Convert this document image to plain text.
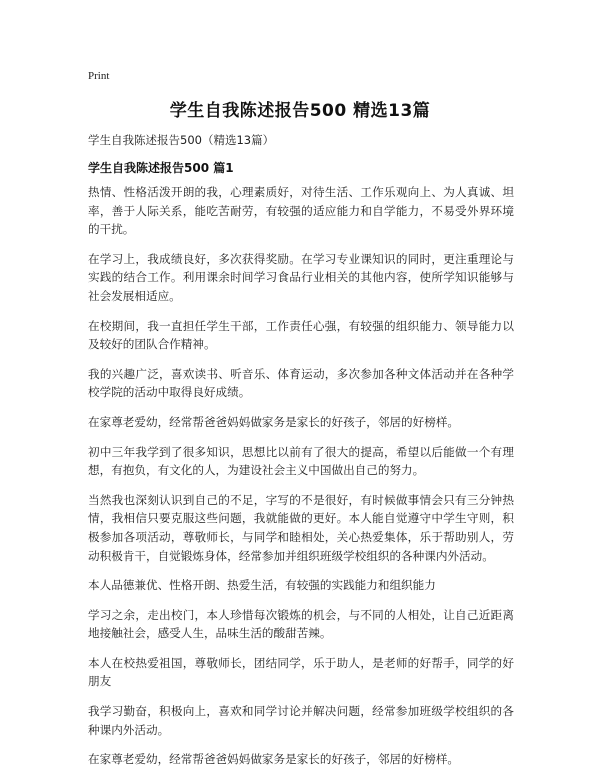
Print
学生自我陈述报告500 精选13篇
学生自我陈述报告500（精选13篇）
学生自我陈述报告500 篇1

热情、性格活泼开朗的我，心理素质好，对待生活、工作乐观向上、为人真诚、坦率，善于人际关系，能吃苦耐劳，有较强的适应能力和自学能力，不易受外界环境的干扰。

在学习上，我成绩良好，多次获得奖励。在学习专业课知识的同时，更注重理论与实践的结合工作。利用课余时间学习食品行业相关的其他内容，使所学知识能够与社会发展相适应。

在校期间，我一直担任学生干部，工作责任心强，有较强的组织能力、领导能力以及较好的团队合作精神。

我的兴趣广泛，喜欢读书、听音乐、体育运动，多次参加各种文体活动并在各种学校学院的活动中取得良好成绩。

在家尊老爱幼，经常帮爸爸妈妈做家务是家长的好孩子，邻居的好榜样。

初中三年我学到了很多知识，思想比以前有了很大的提高，希望以后能做一个有理想，有抱负，有文化的人，为建设社会主义中国做出自己的努力。

当然我也深刻认识到自己的不足，字写的不是很好，有时候做事情会只有三分钟热情，我相信只要克服这些问题，我就能做的更好。本人能自觉遵守中学生守则，积极参加各项活动，尊敬师长，与同学和睦相处，关心热爱集体，乐于帮助别人，劳动积极肯干，自觉锻炼身体，经常参加并组织班级学校组织的各种课内外活动。

本人品德兼优、性格开朗、热爱生活，有较强的实践能力和组织能力

学习之余，走出校门，本人珍惜每次锻炼的机会，与不同的人相处，让自己近距离地接触社会，感受人生，品味生活的酸甜苦辣。

本人在校热爱祖国，尊敬师长，团结同学，乐于助人，是老师的好帮手，同学的好朋友

我学习勤奋，积极向上，喜欢和同学讨论并解决问题，经常参加班级学校组织的各种课内外活动。

在家尊老爱幼，经常帮爸爸妈妈做家务是家长的好孩子，邻居的好榜样。
